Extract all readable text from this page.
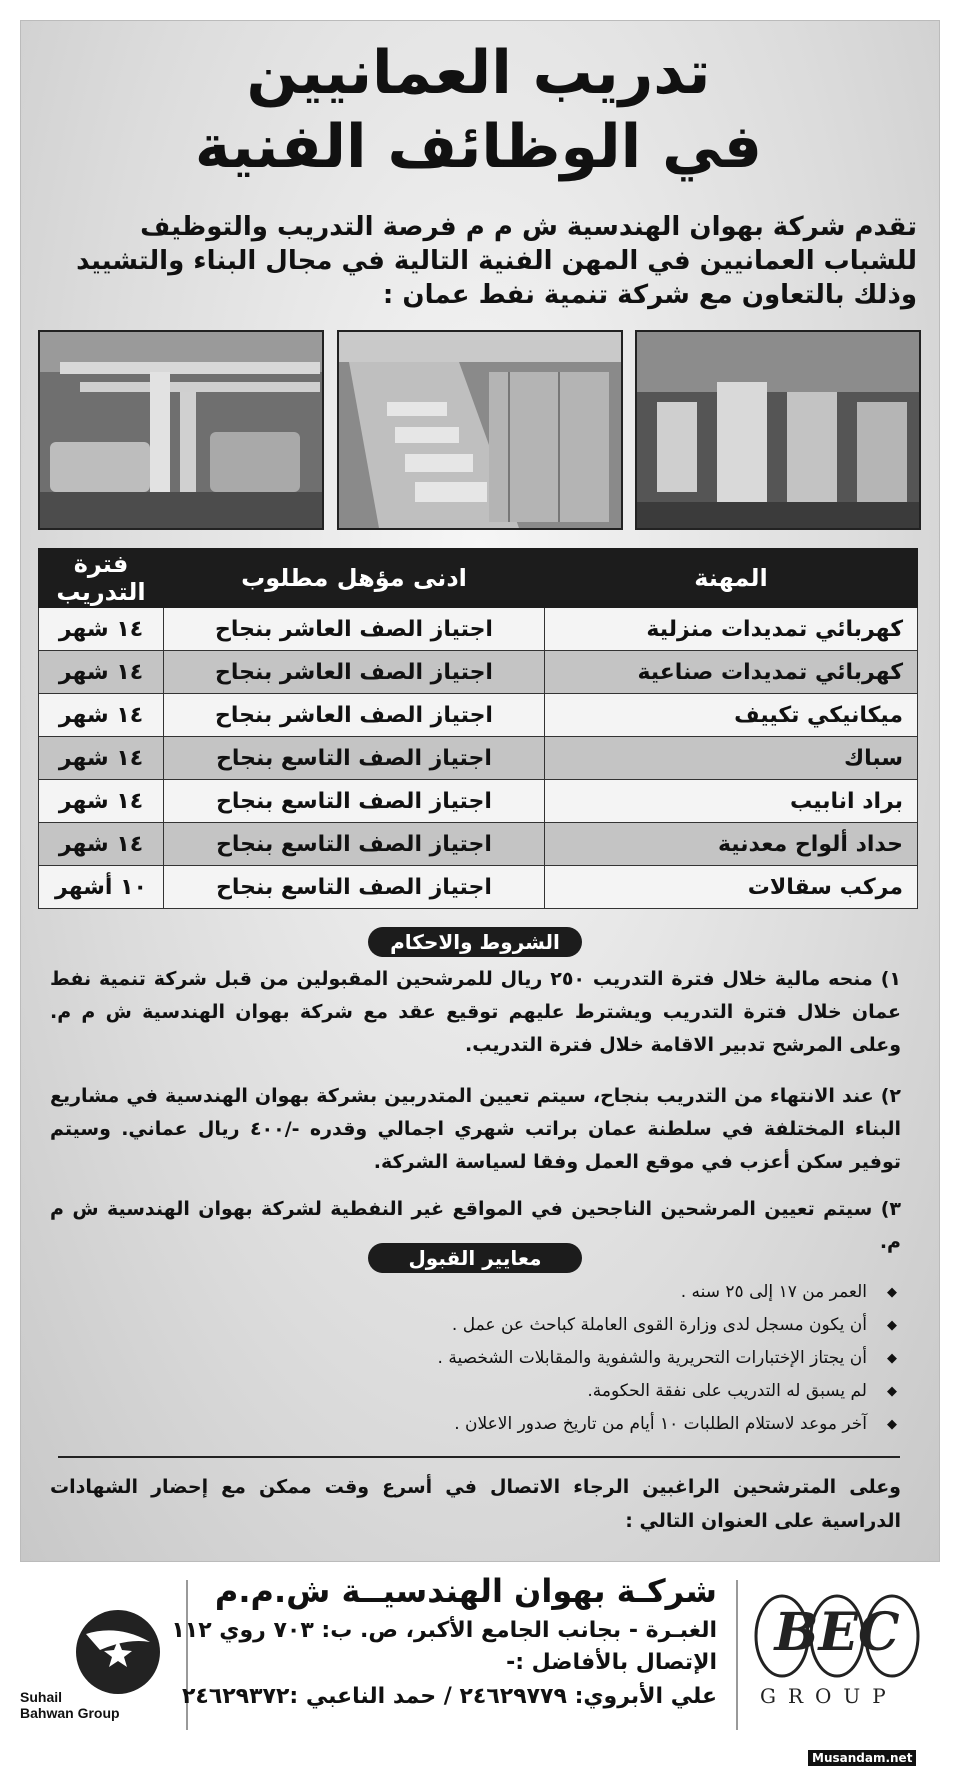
تدريب العمانيين
في الوظائف الفنية
تقدم شركة بهوان الهندسية ش م م فرصة التدريب والتوظيف
للشباب العمانيين في المهن الفنية التالية في مجال البناء والتشييد
وذلك بالتعاون مع شركة تنمية نفط عمان :
المهنة	ادنى مؤهل مطلوب	فترة التدريب
كهربائي تمديدات منزلية	اجتياز الصف العاشر بنجاح	١٤ شهر
كهربائي تمديدات صناعية	اجتياز الصف العاشر بنجاح	١٤ شهر
ميكانيكي تكييف	اجتياز الصف العاشر بنجاح	١٤ شهر
سباك	اجتياز الصف التاسع بنجاح	١٤ شهر
براد انابيب	اجتياز الصف التاسع بنجاح	١٤ شهر
حداد ألواح معدنية	اجتياز الصف التاسع بنجاح	١٤ شهر
مركب سقالات	اجتياز الصف التاسع بنجاح	١٠ أشهر
الشروط والاحكام
١) منحه مالية خلال فترة التدريب ٢٥٠ ريال للمرشحين المقبولين من قبل شركة تنمية نفط عمان خلال فترة التدريب ويشترط عليهم توقيع عقد مع شركة بهوان الهندسية ش م م. وعلى المرشح تدبير الاقامة خلال فترة التدريب.
٢) عند الانتهاء من التدريب بنجاح، سيتم تعيين المتدربين بشركة بهوان الهندسية في مشاريع البناء المختلفة في سلطنة عمان براتب شهري اجمالي وقدره -/٤٠٠ ريال عماني. وسيتم توفير سكن أعزب في موقع العمل وفقا لسياسة الشركة.
٣) سيتم تعيين المرشحين الناجحين في المواقع غير النفطية لشركة بهوان الهندسية ش م م.
معايير القبول
◆
العمر من ١٧ إلى ٢٥ سنه .
◆
أن يكون مسجل لدى وزارة القوى العاملة كباحث عن عمل .
◆
أن يجتاز الإختبارات التحريرية والشفوية والمقابلات الشخصية .
◆
لم يسبق له التدريب على نفقة الحكومة.
◆
آخر موعد لاستلام الطلبات ١٠ أيام من تاريخ صدور الاعلان .
وعلى المترشحين الراغبين الرجاء الاتصال في أسرع وقت ممكن مع إحضار الشهادات الدراسية على العنوان التالي :
Suhail
Bahwan Group
شركـة بهوان الهندسيــة ش.م.م
الغبـرة - بجانب الجامع الأكبر، ص. ب: ٧٠٣ روي ١١٢
الإتصال بالأفاضل :-
علي الأبروي: ٢٤٦٢٩٧٧٩ / حمد الناعبي :٢٤٦٢٩٣٧٢
BEC
GROUP
Musandam.net
